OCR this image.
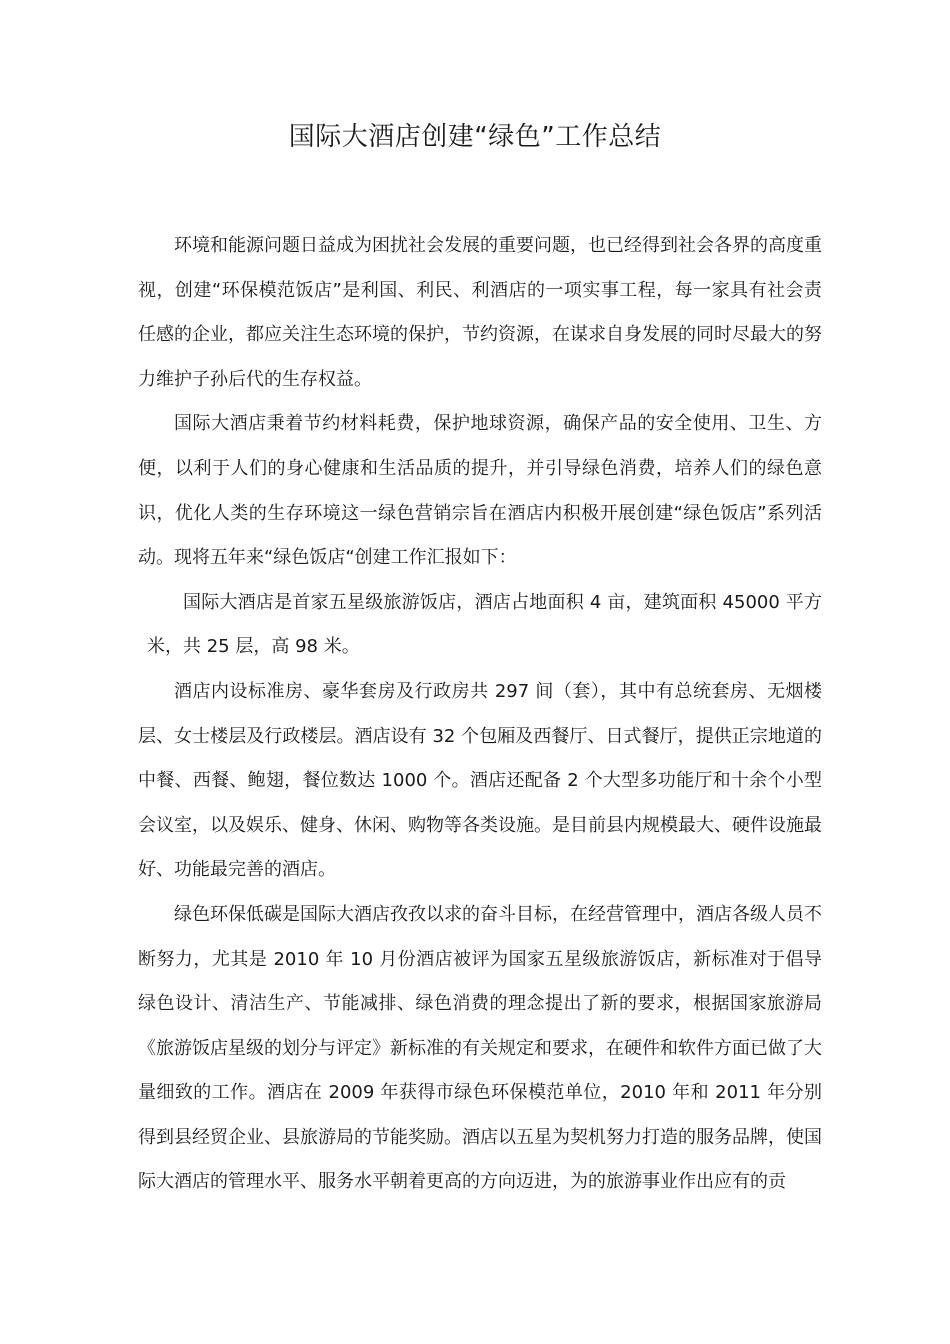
国际大酒店创建“绿色”工作总结

环境和能源问题日益成为困扰社会发展的重要问题，也已经得到社会各界的高度重视，创建“环保模范饭店”是利国、利民、利酒店的一项实事工程，每一家具有社会责任感的企业，都应关注生态环境的保护，节约资源，在谋求自身发展的同时尽最大的努力维护子孙后代的生存权益。

国际大酒店秉着节约材料耗费，保护地球资源，确保产品的安全使用、卫生、方便，以利于人们的身心健康和生活品质的提升，并引导绿色消费，培养人们的绿色意识，优化人类的生存环境这一绿色营销宗旨在酒店内积极开展创建“绿色饭店”系列活动。现将五年来“绿色饭店“创建工作汇报如下：

国际大酒店是首家五星级旅游饭店，酒店占地面积 4 亩，建筑面积 45000 平方米，共 25 层，高 98 米。

酒店内设标准房、豪华套房及行政房共 297 间（套），其中有总统套房、无烟楼层、女士楼层及行政楼层。酒店设有 32 个包厢及西餐厅、日式餐厅，提供正宗地道的中餐、西餐、鲍翅，餐位数达 1000 个。酒店还配备 2 个大型多功能厅和十余个小型会议室，以及娱乐、健身、休闲、购物等各类设施。是目前县内规模最大、硬件设施最好、功能最完善的酒店。

绿色环保低碳是国际大酒店孜孜以求的奋斗目标，在经营管理中，酒店各级人员不断努力，尤其是 2010 年 10 月份酒店被评为国家五星级旅游饭店，新标准对于倡导绿色设计、清洁生产、节能减排、绿色消费的理念提出了新的要求，根据国家旅游局《旅游饭店星级的划分与评定》新标准的有关规定和要求，在硬件和软件方面已做了大量细致的工作。酒店在 2009 年获得市绿色环保模范单位，2010 年和 2011 年分别得到县经贸企业、县旅游局的节能奖励。酒店以五星为契机努力打造的服务品牌，使国际大酒店的管理水平、服务水平朝着更高的方向迈进，为的旅游事业作出应有的贡
